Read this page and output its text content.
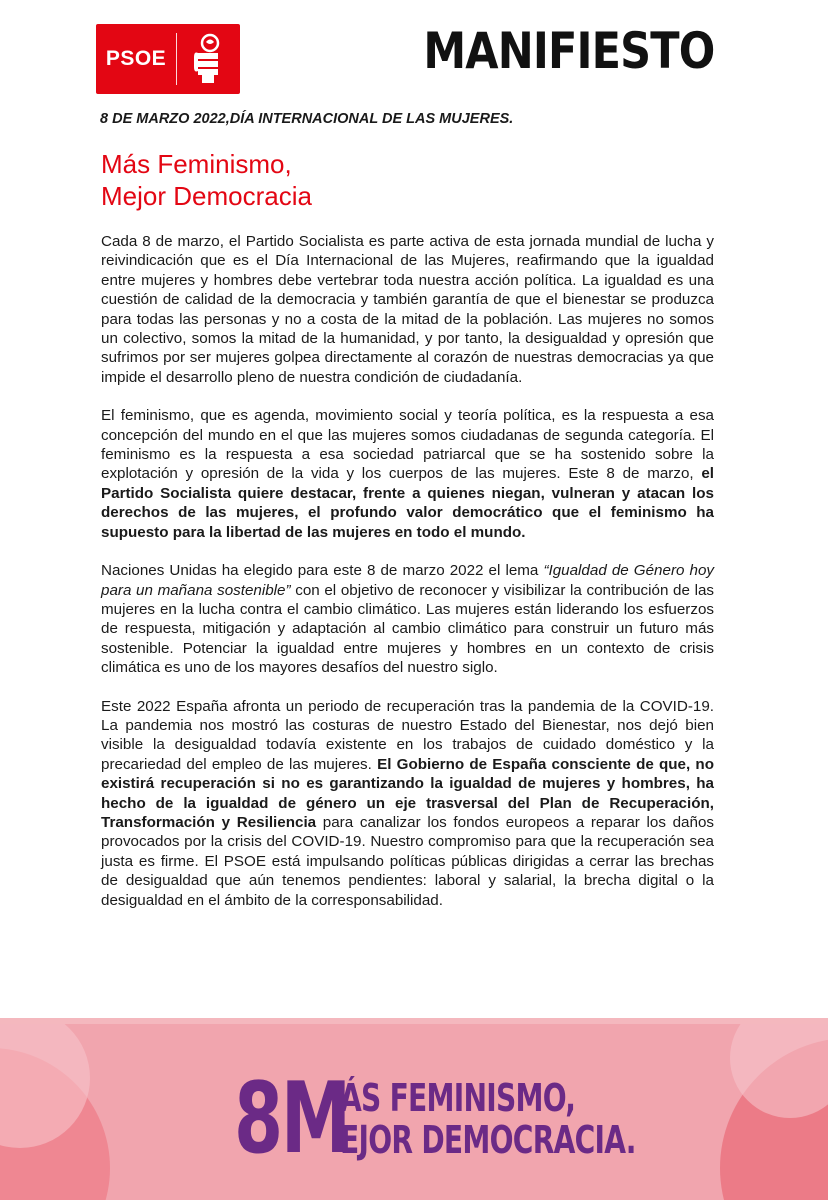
PSOE	MANIFIESTO
8 DE MARZO 2022,DÍA INTERNACIONAL DE LAS MUJERES.
Más Feminismo,
Mejor Democracia

Cada 8 de marzo, el Partido Socialista es parte activa de esta jornada mundial de lucha y reivindicación que es el Día Internacional de las Mujeres, reafirmando que la igualdad entre mujeres y hombres debe vertebrar toda nuestra acción política. La igualdad es una cuestión de calidad de la democracia y también garantía de que el bienestar se produzca para todas las personas y no a costa de la mitad de la población. Las mujeres no somos un colectivo, somos la mitad de la humanidad, y por tanto, la desigualdad y opresión que sufrimos por ser mujeres golpea directamente al corazón de nuestras democracias ya que impide el desarrollo pleno de nuestra condición de ciudadanía.

El feminismo, que es agenda, movimiento social y teoría política, es la respuesta a esa concepción del mundo en el que las mujeres somos ciudadanas de segunda categoría. El feminismo es la respuesta a esa sociedad patriarcal que se ha sostenido sobre la explotación y opresión de la vida y los cuerpos de las mujeres. Este 8 de marzo, el Partido Socialista quiere destacar, frente a quienes niegan, vulneran y atacan los derechos de las mujeres, el profundo valor democrático que el feminismo ha supuesto para la libertad de las mujeres en todo el mundo.

Naciones Unidas ha elegido para este 8 de marzo 2022 el lema “Igualdad de Género hoy para un mañana sostenible” con el objetivo de reconocer y visibilizar la contribución de las mujeres en la lucha contra el cambio climático. Las mujeres están liderando los esfuerzos de respuesta, mitigación y adaptación al cambio climático para construir un futuro más sostenible. Potenciar la igualdad entre mujeres y hombres en un contexto de crisis climática es uno de los mayores desafíos del nuestro siglo.

Este 2022 España afronta un periodo de recuperación tras la pandemia de la COVID-19. La pandemia nos mostró las costuras de nuestro Estado del Bienestar, nos dejó bien visible la desigualdad todavía existente en los trabajos de cuidado doméstico y la precariedad del empleo de las mujeres. El Gobierno de España consciente de que, no existirá recuperación si no es garantizando la igualdad de mujeres y hombres, ha hecho de la igualdad de género un eje trasversal del Plan de Recuperación, Transformación y Resiliencia para canalizar los fondos europeos a reparar los daños provocados por la crisis del COVID-19. Nuestro compromiso para que la recuperación sea justa es firme. El PSOE está impulsando políticas públicas dirigidas a cerrar las brechas de desigualdad que aún tenemos pendientes: laboral y salarial, la brecha digital o la desigualdad en el ámbito de la corresponsabilidad.

8M
ÁS FEMINISMO,
EJOR DEMOCRACIA.
